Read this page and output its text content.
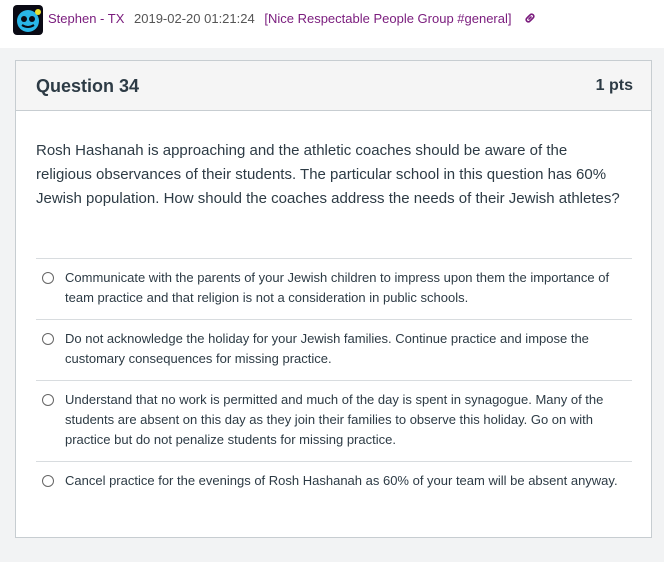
Stephen - TX 2019-02-20 01:21:24 [Nice Respectable People Group #general]
Question 34	1 pts
Rosh Hashanah is approaching and the athletic coaches should be aware of the religious observances of their students. The particular school in this question has 60% Jewish population. How should the coaches address the needs of their Jewish athletes?
Communicate with the parents of your Jewish children to impress upon them the importance of team practice and that religion is not a consideration in public schools.
Do not acknowledge the holiday for your Jewish families. Continue practice and impose the customary consequences for missing practice.
Understand that no work is permitted and much of the day is spent in synagogue. Many of the students are absent on this day as they join their families to observe this holiday. Go on with practice but do not penalize students for missing practice.
Cancel practice for the evenings of Rosh Hashanah as 60% of your team will be absent anyway.
